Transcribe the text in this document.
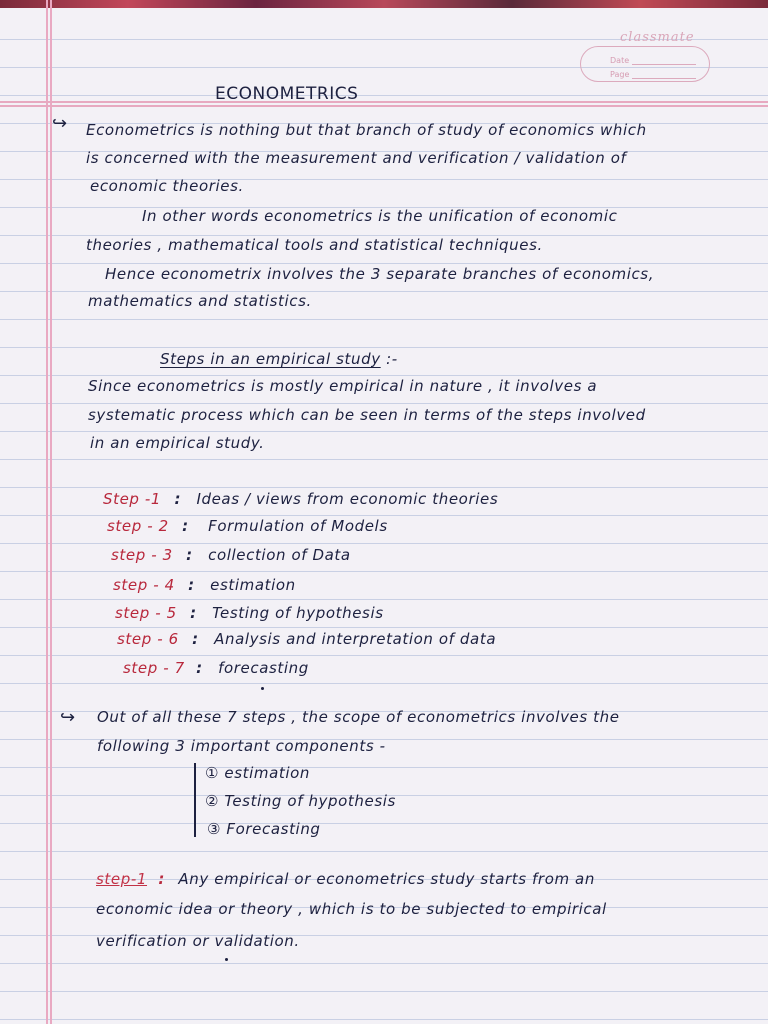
classmate
Date
Page
ECONOMETRICS
↪ Econometrics is nothing but that branch of study of economics which
is concerned with the measurement and verification / validation of
economic theories.
In other words econometrics is the unification of economic
theories , mathematical tools and statistical techniques.
Hence econometrix involves the 3 separate branches of economics,
mathematics and statistics.
Steps in an empirical study :-
Since econometrics is mostly empirical in nature , it involves a
systematic process which can be seen in terms of the steps involved
in an empirical study.
Step -1 : Ideas / views from economic theories
step - 2 : Formulation of Models
step - 3 : collection of Data
step - 4 : estimation
step - 5 : Testing of hypothesis
step - 6 : Analysis and interpretation of data
step - 7 : forecasting
↪ Out of all these 7 steps , the scope of econometrics involves the
following 3 important components -
① estimation
② Testing of hypothesis
③ Forecasting
step-1 : Any empirical or econometrics study starts from an
economic idea or theory , which is to be subjected to empirical
verification or validation.
